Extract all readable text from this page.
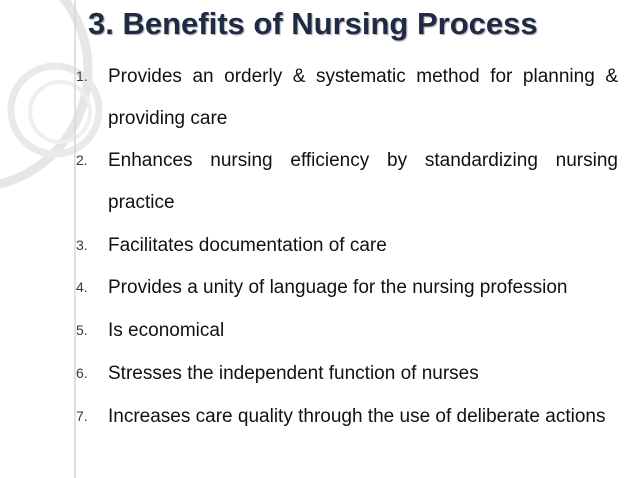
3. Benefits of Nursing Process
1.	Provides an orderly & systematic method for planning & providing care
2.	Enhances nursing efficiency by standardizing nursing practice
3.	Facilitates documentation of care
4.	Provides a unity of language for the nursing profession
5.	Is economical
6.	Stresses the independent function of nurses
7.	Increases care quality through the use of deliberate actions
